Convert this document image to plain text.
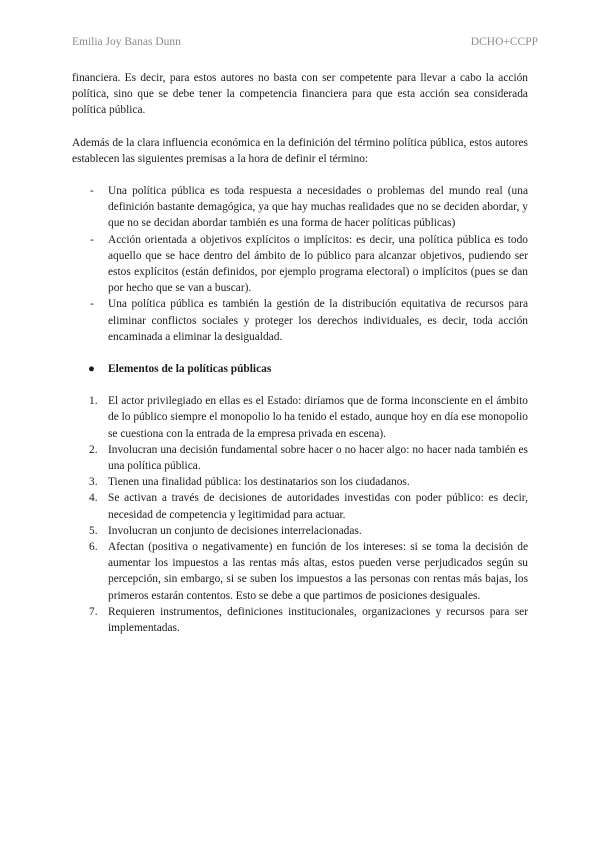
Emilia Joy Banas Dunn	DCHO+CCPP

financiera. Es decir, para estos autores no basta con ser competente para llevar a cabo la acción política, sino que se debe tener la competencia financiera para que esta acción sea considerada política pública.

Además de la clara influencia económica en la definición del término política pública, estos autores establecen las siguientes premisas a la hora de definir el término:

- Una política pública es toda respuesta a necesidades o problemas del mundo real (una definición bastante demagógica, ya que hay muchas realidades que no se deciden abordar, y que no se decidan abordar también es una forma de hacer políticas públicas)
- Acción orientada a objetivos explícitos o implícitos: es decir, una política pública es todo aquello que se hace dentro del ámbito de lo público para alcanzar objetivos, pudiendo ser estos explícitos (están definidos, por ejemplo programa electoral) o implícitos (pues se dan por hecho que se van a buscar).
- Una política pública es también la gestión de la distribución equitativa de recursos para eliminar conflictos sociales y proteger los derechos individuales, es decir, toda acción encaminada a eliminar la desigualdad.
● Elementos de la políticas públicas
1. El actor privilegiado en ellas es el Estado: diríamos que de forma inconsciente en el ámbito de lo público siempre el monopolio lo ha tenido el estado, aunque hoy en día ese monopolio se cuestiona con la entrada de la empresa privada en escena).
2. Involucran una decisión fundamental sobre hacer o no hacer algo: no hacer nada también es una política pública.
3. Tienen una finalidad pública: los destinatarios son los ciudadanos.
4. Se activan a través de decisiones de autoridades investidas con poder público: es decir, necesidad de competencia y legitimidad para actuar.
5. Involucran un conjunto de decisiones interrelacionadas.
6. Afectan (positiva o negativamente) en función de los intereses: si se toma la decisión de aumentar los impuestos a las rentas más altas, estos pueden verse perjudicados según su percepción, sin embargo, si se suben los impuestos a las personas con rentas más bajas, los primeros estarán contentos. Esto se debe a que partimos de posiciones desiguales.
7. Requieren instrumentos, definiciones institucionales, organizaciones y recursos para ser implementadas.
